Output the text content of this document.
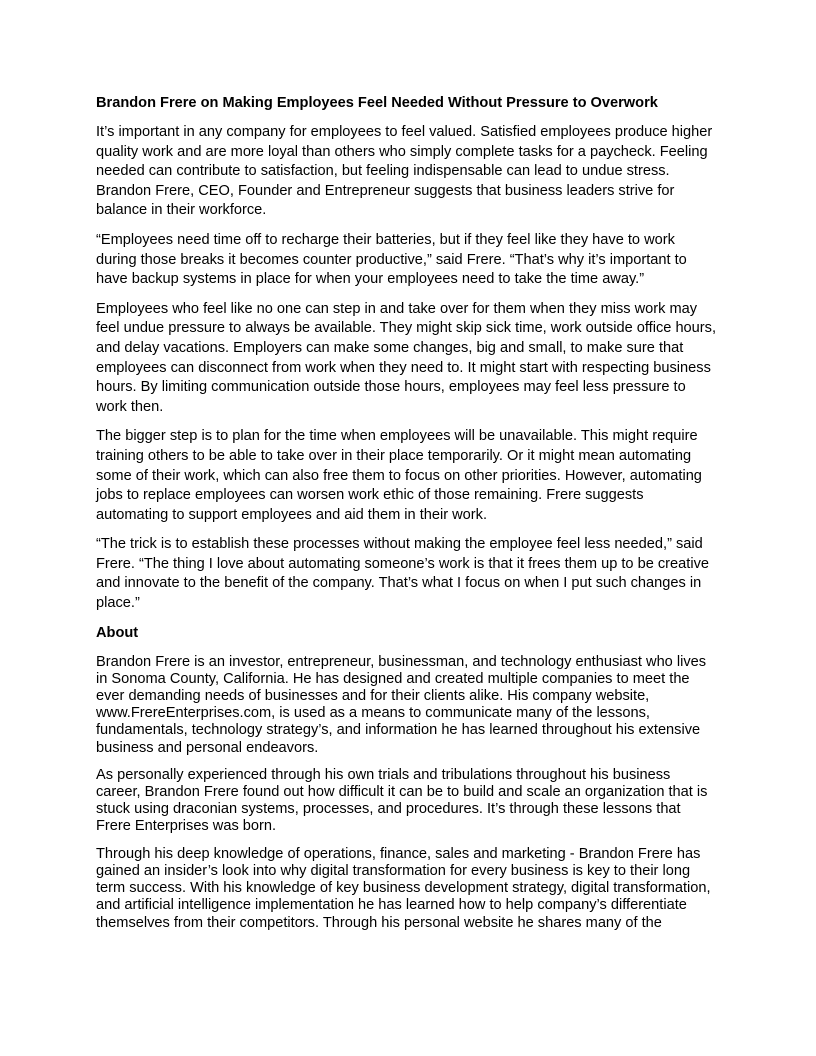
Brandon Frere on Making Employees Feel Needed Without Pressure to Overwork
It’s important in any company for employees to feel valued. Satisfied employees produce higher
quality work and are more loyal than others who simply complete tasks for a paycheck. Feeling
needed can contribute to satisfaction, but feeling indispensable can lead to undue stress.
Brandon Frere, CEO, Founder and Entrepreneur suggests that business leaders strive for
balance in their workforce.
“Employees need time off to recharge their batteries, but if they feel like they have to work
during those breaks it becomes counter productive,” said Frere. “That’s why it’s important to
have backup systems in place for when your employees need to take the time away.”
Employees who feel like no one can step in and take over for them when they miss work may
feel undue pressure to always be available. They might skip sick time, work outside office hours,
and delay vacations. Employers can make some changes, big and small, to make sure that
employees can disconnect from work when they need to. It might start with respecting business
hours. By limiting communication outside those hours, employees may feel less pressure to
work then.
The bigger step is to plan for the time when employees will be unavailable. This might require
training others to be able to take over in their place temporarily. Or it might mean automating
some of their work, which can also free them to focus on other priorities. However, automating
jobs to replace employees can worsen work ethic of those remaining. Frere suggests
automating to support employees and aid them in their work.
“The trick is to establish these processes without making the employee feel less needed,” said
Frere. “The thing I love about automating someone’s work is that it frees them up to be creative
and innovate to the benefit of the company. That’s what I focus on when I put such changes in
place.”
About
Brandon Frere is an investor, entrepreneur, businessman, and technology enthusiast who lives
in Sonoma County, California. He has designed and created multiple companies to meet the
ever demanding needs of businesses and for their clients alike. His company website,
www.FrereEnterprises.com, is used as a means to communicate many of the lessons,
fundamentals, technology strategy’s, and information he has learned throughout his extensive
business and personal endeavors.
As personally experienced through his own trials and tribulations throughout his business
career, Brandon Frere found out how difficult it can be to build and scale an organization that is
stuck using draconian systems, processes, and procedures. It’s through these lessons that
Frere Enterprises was born.
Through his deep knowledge of operations, finance, sales and marketing - Brandon Frere has
gained an insider’s look into why digital transformation for every business is key to their long
term success. With his knowledge of key business development strategy, digital transformation,
and artificial intelligence implementation he has learned how to help company’s differentiate
themselves from their competitors. Through his personal website he shares many of the
